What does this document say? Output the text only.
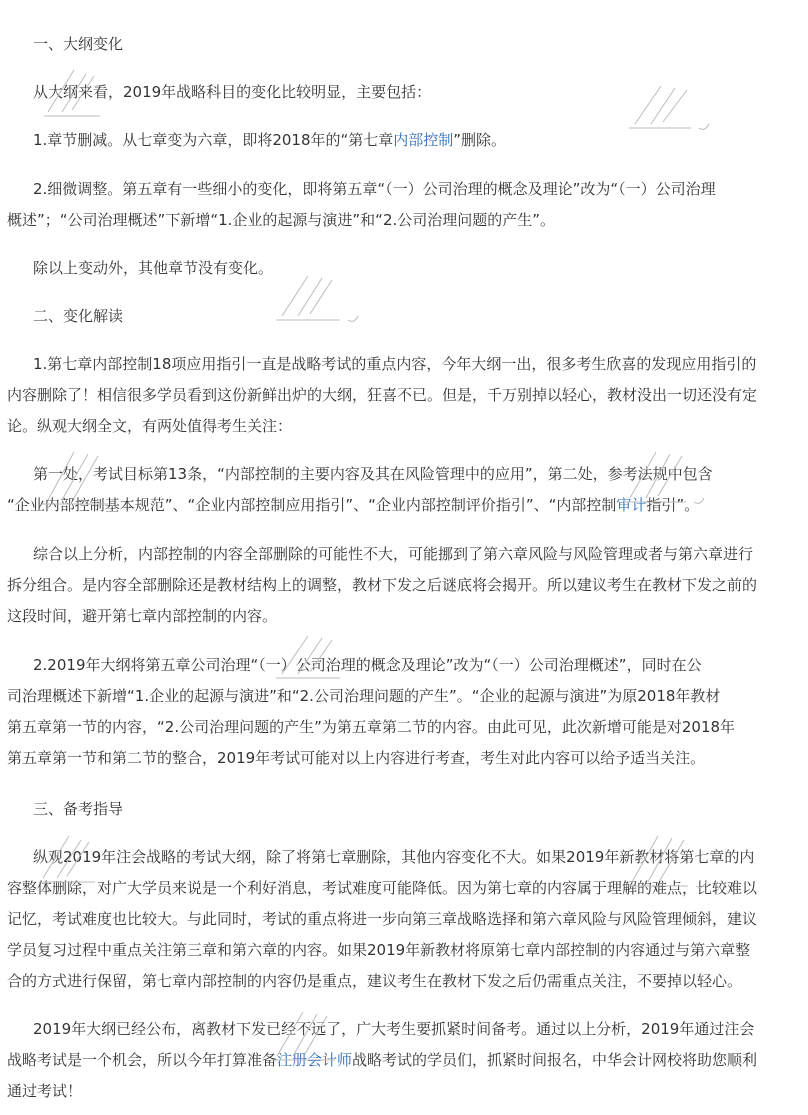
一、大纲变化

从大纲来看，2019年战略科目的变化比较明显，主要包括：

1.章节删减。从七章变为六章，即将2018年的“第七章内部控制”删除。

2.细微调整。第五章有一些细小的变化，即将第五章“（一）公司治理的概念及理论”改为“（一）公司治理

概述”；“公司治理概述”下新增“1.企业的起源与演进”和“2.公司治理问题的产生”。

除以上变动外，其他章节没有变化。

二、变化解读

1.第七章内部控制18项应用指引一直是战略考试的重点内容，今年大纲一出，很多考生欣喜的发现应用指引的

内容删除了！相信很多学员看到这份新鲜出炉的大纲，狂喜不已。但是，千万别掉以轻心，教材没出一切还没有定

论。纵观大纲全文，有两处值得考生关注：

第一处，考试目标第13条，“内部控制的主要内容及其在风险管理中的应用”，第二处，参考法规中包含

“企业内部控制基本规范”、“企业内部控制应用指引”、“企业内部控制评价指引”、“内部控制审计指引”。

综合以上分析，内部控制的内容全部删除的可能性不大，可能挪到了第六章风险与风险管理或者与第六章进行

拆分组合。是内容全部删除还是教材结构上的调整，教材下发之后谜底将会揭开。所以建议考生在教材下发之前的

这段时间，避开第七章内部控制的内容。

2.2019年大纲将第五章公司治理“（一）公司治理的概念及理论”改为“（一）公司治理概述”，同时在公

司治理概述下新增“1.企业的起源与演进”和“2.公司治理问题的产生”。“企业的起源与演进”为原2018年教材

第五章第一节的内容，“2.公司治理问题的产生”为第五章第二节的内容。由此可见，此次新增可能是对2018年

第五章第一节和第二节的整合，2019年考试可能对以上内容进行考查，考生对此内容可以给予适当关注。

三、备考指导

纵观2019年注会战略的考试大纲，除了将第七章删除，其他内容变化不大。如果2019年新教材将第七章的内

容整体删除，对广大学员来说是一个利好消息，考试难度可能降低。因为第七章的内容属于理解的难点，比较难以

记忆，考试难度也比较大。与此同时，考试的重点将进一步向第三章战略选择和第六章风险与风险管理倾斜，建议

学员复习过程中重点关注第三章和第六章的内容。如果2019年新教材将原第七章内部控制的内容通过与第六章整

合的方式进行保留，第七章内部控制的内容仍是重点，建议考生在教材下发之后仍需重点关注，不要掉以轻心。

2019年大纲已经公布，离教材下发已经不远了，广大考生要抓紧时间备考。通过以上分析，2019年通过注会

战略考试是一个机会，所以今年打算准备注册会计师战略考试的学员们，抓紧时间报名，中华会计网校将助您顺利

通过考试！
